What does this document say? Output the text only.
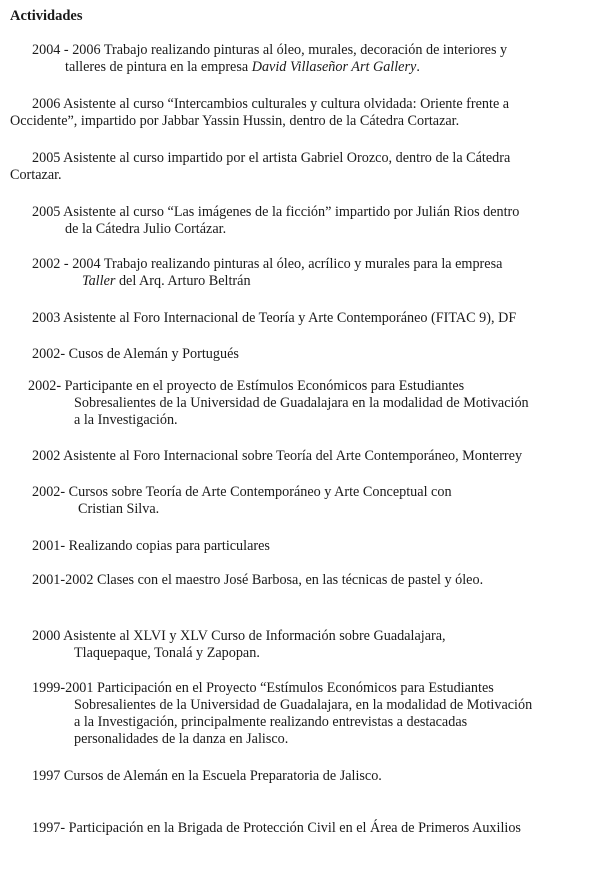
Actividades

2004 - 2006 Trabajo realizando pinturas al óleo, murales, decoración de interiores y
talleres de pintura en la empresa David Villaseñor Art Gallery.

2006 Asistente al curso “Intercambios culturales y cultura olvidada: Oriente frente a
Occidente”, impartido por Jabbar Yassin Hussin, dentro de la Cátedra Cortazar.

2005 Asistente al curso impartido por el artista Gabriel Orozco, dentro de la Cátedra
Cortazar.

2005 Asistente al curso “Las imágenes de la ficción” impartido por Julián Rios dentro
de la Cátedra Julio Cortázar.

2002 - 2004 Trabajo realizando pinturas al óleo, acrílico y murales para la empresa
Taller del Arq. Arturo Beltrán

2003 Asistente al Foro Internacional de Teoría y Arte Contemporáneo (FITAC 9), DF

2002- Cusos de Alemán y Portugués

2002- Participante en el proyecto de Estímulos Económicos para Estudiantes
Sobresalientes de la Universidad de Guadalajara en la modalidad de Motivación
a la Investigación.

2002 Asistente al Foro Internacional sobre Teoría del Arte Contemporáneo, Monterrey

2002- Cursos sobre Teoría de Arte Contemporáneo y Arte Conceptual con
Cristian Silva.

2001- Realizando copias para particulares

2001-2002 Clases con el maestro José Barbosa, en las técnicas de pastel y óleo.

2000 Asistente al XLVI y XLV Curso de Información sobre Guadalajara,
Tlaquepaque, Tonalá y Zapopan.

1999-2001 Participación en el Proyecto “Estímulos Económicos para Estudiantes
Sobresalientes de la Universidad de Guadalajara, en la modalidad de Motivación
a la Investigación, principalmente realizando entrevistas a destacadas
personalidades de la danza en Jalisco.

1997 Cursos de Alemán en la Escuela Preparatoria de Jalisco.

1997- Participación en la Brigada de Protección Civil en el Área de Primeros Auxilios
